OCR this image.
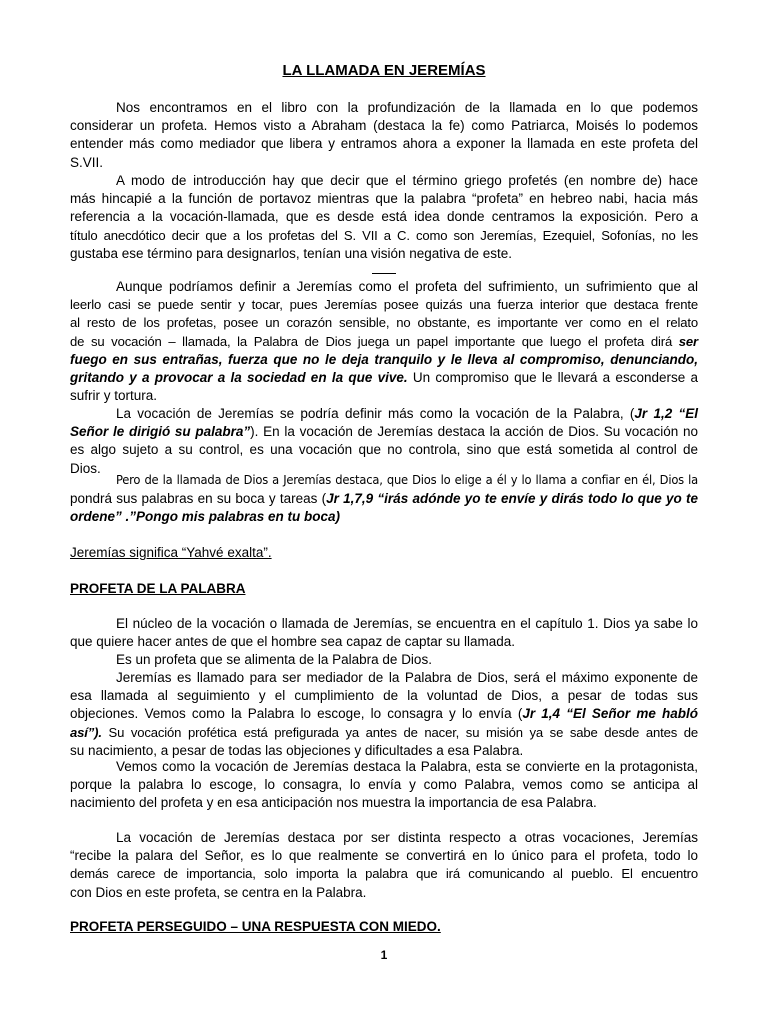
LA LLAMADA EN JEREMÍAS
Nos encontramos en el libro con la profundización de la llamada en lo que podemos
considerar un profeta. Hemos visto a Abraham (destaca la fe) como Patriarca, Moisés lo podemos
entender más como mediador que libera y entramos ahora a exponer la llamada en este profeta del
S.VII.
A modo de introducción hay que decir que el término griego profetés (en nombre de) hace
más hincapié a la función de portavoz mientras que la palabra “profeta” en hebreo nabi, hacia más
referencia a la vocación-llamada, que es desde está idea donde centramos la exposición. Pero a
título anecdótico decir que a los profetas del S. VII a C. como son Jeremías, Ezequiel, Sofonías, no les
gustaba ese término para designarlos, tenían una visión negativa de este.
Aunque podríamos definir a Jeremías como el profeta del sufrimiento, un sufrimiento que al
leerlo casi se puede sentir y tocar, pues Jeremías posee quizás una fuerza interior que destaca frente
al resto de los profetas, posee un corazón sensible, no obstante, es importante ver como en el relato
de su vocación – llamada, la Palabra de Dios juega un papel importante que luego el profeta dirá ser
fuego en sus entrañas, fuerza que no le deja tranquilo y le lleva al compromiso, denunciando,
gritando y a provocar a la sociedad en la que vive. Un compromiso que le llevará a esconderse a
sufrir y tortura.
La vocación de Jeremías se podría definir más como la vocación de la Palabra, (Jr 1,2 “El
Señor le dirigió su palabra”). En la vocación de Jeremías destaca la acción de Dios. Su vocación no
es algo sujeto a su control, es una vocación que no controla, sino que está sometida al control de
Dios.
Pero de la llamada de Dios a Jeremías destaca, que Dios lo elige a él y lo llama a confiar en él, Dios la
pondrá sus palabras en su boca y tareas (Jr 1,7,9 “irás adónde yo te envíe y dirás todo lo que yo te
ordene” .”Pongo mis palabras en tu boca)
Jeremías significa “Yahvé exalta”.
PROFETA DE LA PALABRA
El núcleo de la vocación o llamada de Jeremías, se encuentra en el capítulo 1. Dios ya sabe lo
que quiere hacer antes de que el hombre sea capaz de captar su llamada.
Es un profeta que se alimenta de la Palabra de Dios.
Jeremías es llamado para ser mediador de la Palabra de Dios, será el máximo exponente de
esa llamada al seguimiento y el cumplimiento de la voluntad de Dios, a pesar de todas sus
objeciones. Vemos como la Palabra lo escoge, lo consagra y lo envía (Jr 1,4 “El Señor me habló
así”). Su vocación profética está prefigurada ya antes de nacer, su misión ya se sabe desde antes de
su nacimiento, a pesar de todas las objeciones y dificultades a esa Palabra.
Vemos como la vocación de Jeremías destaca la Palabra, esta se convierte en la protagonista,
porque la palabra lo escoge, lo consagra, lo envía y como Palabra, vemos como se anticipa al
nacimiento del profeta y en esa anticipación nos muestra la importancia de esa Palabra.
La vocación de Jeremías destaca por ser distinta respecto a otras vocaciones, Jeremías
“recibe la palara del Señor, es lo que realmente se convertirá en lo único para el profeta, todo lo
demás carece de importancia, solo importa la palabra que irá comunicando al pueblo. El encuentro
con Dios en este profeta, se centra en la Palabra.
PROFETA PERSEGUIDO – UNA RESPUESTA CON MIEDO.
1
